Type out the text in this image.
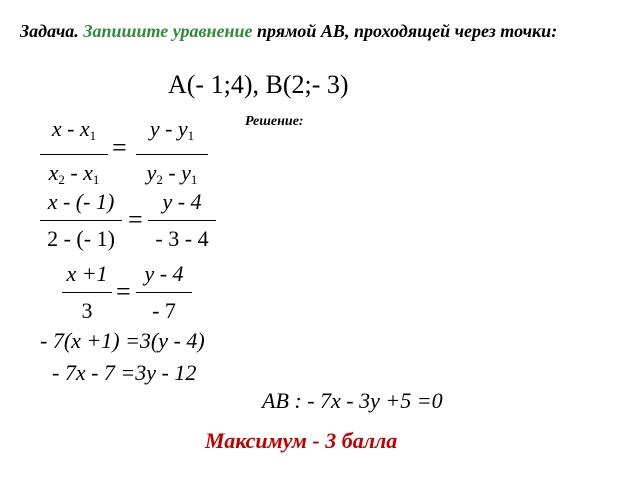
Задача. Запишите уравнение прямой AB, проходящей через точки:
A(- 1;4), B(2;- 3)
Решение:
x - $x_1$
$x_2 - x_1$
=
y - $y_1$
$y_2 - y_1$
x - (- 1)
2 - (- 1)
=
y - 4
- 3 - 4
x +1
3
=
y - 4
- 7
- 7(x +1) =3(y - 4)
- 7x - 7 =3y - 12
AB : - 7x - 3y +5 =0
Максимум - 3 балла
